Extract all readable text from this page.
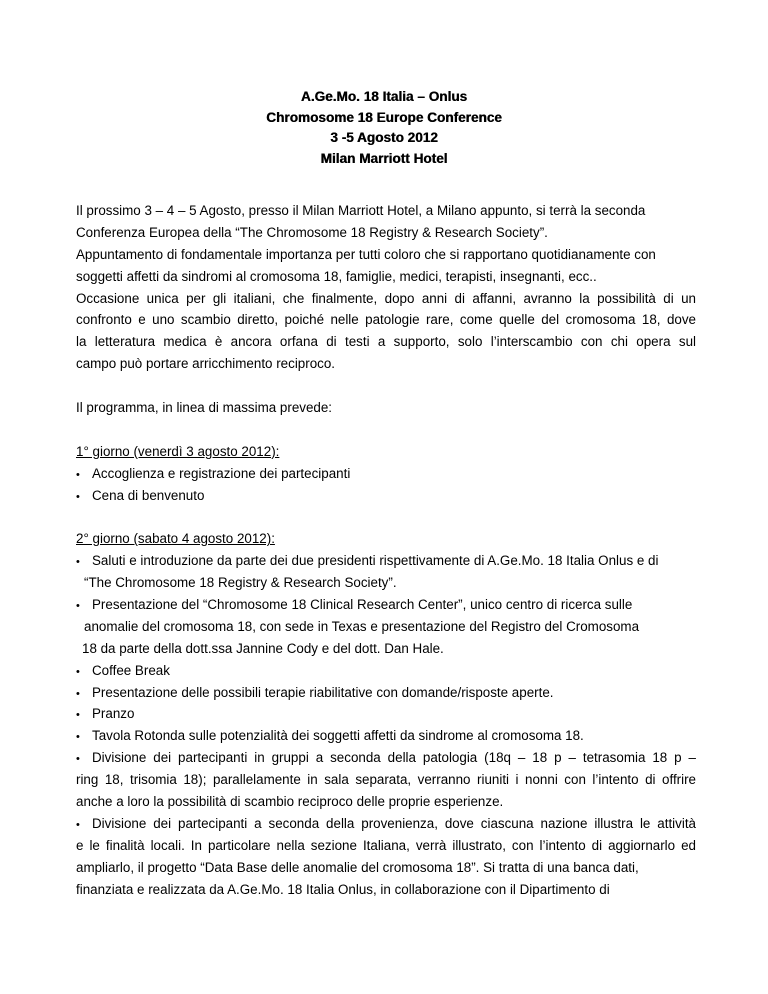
A.Ge.Mo. 18 Italia – Onlus
Chromosome 18 Europe Conference
3 -5 Agosto 2012
Milan Marriott Hotel
Il prossimo 3 – 4 – 5 Agosto, presso il Milan Marriott Hotel, a Milano appunto, si terrà la seconda
Conferenza Europea della “The Chromosome 18 Registry & Research Society”.
Appuntamento di fondamentale importanza per tutti coloro che si rapportano quotidianamente con
soggetti affetti da sindromi al cromosoma 18, famiglie, medici, terapisti, insegnanti, ecc..
Occasione unica per gli italiani, che finalmente, dopo anni di affanni, avranno la possibilità di un
confronto e uno scambio diretto, poiché nelle patologie rare, come quelle del cromosoma 18, dove
la letteratura medica è ancora orfana di testi a supporto, solo l’interscambio con chi opera sul
campo può portare arricchimento reciproco.
Il programma, in linea di massima prevede:
1° giorno (venerdì 3 agosto 2012):
• Accoglienza e registrazione dei partecipanti
• Cena di benvenuto
2° giorno (sabato 4 agosto 2012):
• Saluti e introduzione da parte dei due presidenti rispettivamente di A.Ge.Mo. 18 Italia Onlus e di
“The Chromosome 18 Registry & Research Society”.
• Presentazione del “Chromosome 18 Clinical Research Center”, unico centro di ricerca sulle
anomalie del cromosoma 18, con sede in Texas e presentazione del Registro del Cromosoma
18 da parte della dott.ssa Jannine Cody e del dott. Dan Hale.
• Coffee Break
• Presentazione delle possibili terapie riabilitative con domande/risposte aperte.
• Pranzo
• Tavola Rotonda sulle potenzialità dei soggetti affetti da sindrome al cromosoma 18.
• Divisione dei partecipanti in gruppi a seconda della patologia (18q – 18 p – tetrasomia 18 p –
ring 18, trisomia 18); parallelamente in sala separata, verranno riuniti i nonni con l’intento di offrire
anche a loro la possibilità di scambio reciproco delle proprie esperienze.
• Divisione dei partecipanti a seconda della provenienza, dove ciascuna nazione illustra le attività
e le finalità locali. In particolare nella sezione Italiana, verrà illustrato, con l’intento di aggiornarlo ed
ampliarlo, il progetto “Data Base delle anomalie del cromosoma 18”. Si tratta di una banca dati,
finanziata e realizzata da A.Ge.Mo. 18 Italia Onlus, in collaborazione con il Dipartimento di
